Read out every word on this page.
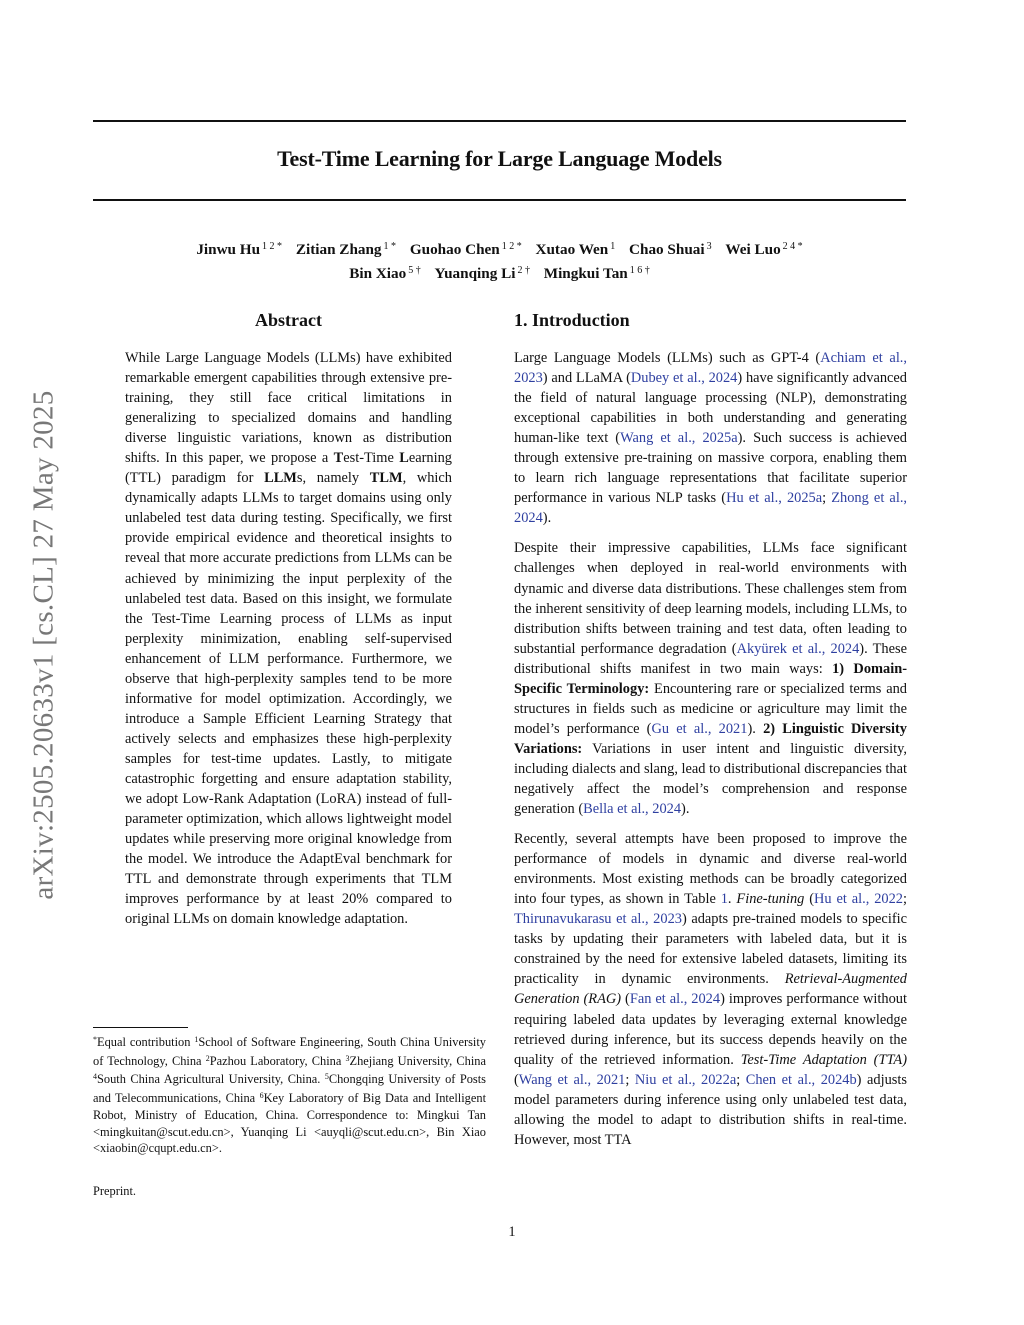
Test-Time Learning for Large Language Models
Jinwu Hu $^{1 2 *}$ Zitian Zhang $^{1 *}$ Guohao Chen $^{1 2 *}$ Xutao Wen $^1$ Chao Shuai $^3$ Wei Luo $^{2 4 *}$
Bin Xiao $^{5 \dagger}$ Yuanqing Li $^{2 \dagger}$ Mingkui Tan $^{1 6 \dagger}$
arXiv:2505.20633v1 [cs.CL] 27 May 2025
Abstract

While Large Language Models (LLMs) have exhibited remarkable emergent capabilities through extensive pre-training, they still face critical limitations in generalizing to specialized domains and handling diverse linguistic variations, known as distribution shifts. In this paper, we propose a Test-Time Learning (TTL) paradigm for LLMs, namely TLM, which dynamically adapts LLMs to target domains using only unlabeled test data during testing. Specifically, we first provide empirical evidence and theoretical insights to reveal that more accurate predictions from LLMs can be achieved by minimizing the input perplexity of the unlabeled test data. Based on this insight, we formulate the Test-Time Learning process of LLMs as input perplexity minimization, enabling self-supervised enhancement of LLM performance. Furthermore, we observe that high-perplexity samples tend to be more informative for model optimization. Accordingly, we introduce a Sample Efficient Learning Strategy that actively selects and emphasizes these high-perplexity samples for test-time updates. Lastly, to mitigate catastrophic forgetting and ensure adaptation stability, we adopt Low-Rank Adaptation (LoRA) instead of full-parameter optimization, which allows lightweight model updates while preserving more original knowledge from the model. We introduce the AdaptEval benchmark for TTL and demonstrate through experiments that TLM improves performance by at least 20% compared to original LLMs on domain knowledge adaptation.

1. Introduction

Large Language Models (LLMs) such as GPT-4 (Achiam et al., 2023) and LLaMA (Dubey et al., 2024) have significantly advanced the field of natural language processing (NLP), demonstrating exceptional capabilities in both understanding and generating human-like text (Wang et al., 2025a). Such success is achieved through extensive pre-training on massive corpora, enabling them to learn rich language representations that facilitate superior performance in various NLP tasks (Hu et al., 2025a; Zhong et al., 2024).

Despite their impressive capabilities, LLMs face significant challenges when deployed in real-world environments with dynamic and diverse data distributions. These challenges stem from the inherent sensitivity of deep learning models, including LLMs, to distribution shifts between training and test data, often leading to substantial performance degradation (Akyürek et al., 2024). These distributional shifts manifest in two main ways: 1) Domain-Specific Terminology: Encountering rare or specialized terms and structures in fields such as medicine or agriculture may limit the model’s performance (Gu et al., 2021). 2) Linguistic Diversity Variations: Variations in user intent and linguistic diversity, including dialects and slang, lead to distributional discrepancies that negatively affect the model’s comprehension and response generation (Bella et al., 2024).

Recently, several attempts have been proposed to improve the performance of models in dynamic and diverse real-world environments. Most existing methods can be broadly categorized into four types, as shown in Table 1. Fine-tuning (Hu et al., 2022; Thirunavukarasu et al., 2023) adapts pre-trained models to specific tasks by updating their parameters with labeled data, but it is constrained by the need for extensive labeled datasets, limiting its practicality in dynamic environments. Retrieval-Augmented Generation (RAG) (Fan et al., 2024) improves performance without requiring labeled data updates by leveraging external knowledge retrieved during inference, but its success depends heavily on the quality of the retrieved information. Test-Time Adaptation (TTA) (Wang et al., 2021; Niu et al., 2022a; Chen et al., 2024b) adjusts model parameters during inference using only unlabeled test data, allowing the model to adapt to distribution shifts in real-time. However, most TTA

*Equal contribution $^1$School of Software Engineering, South China University of Technology, China $^2$Pazhou Laboratory, China $^3$Zhejiang University, China $^4$South China Agricultural University, China. $^5$Chongqing University of Posts and Telecommunications, China $^6$Key Laboratory of Big Data and Intelligent Robot, Ministry of Education, China. Correspondence to: Mingkui Tan <mingkuitan@scut.edu.cn>, Yuanqing Li <auyqli@scut.edu.cn>, Bin Xiao <xiaobin@cqupt.edu.cn>.
Preprint.
1
